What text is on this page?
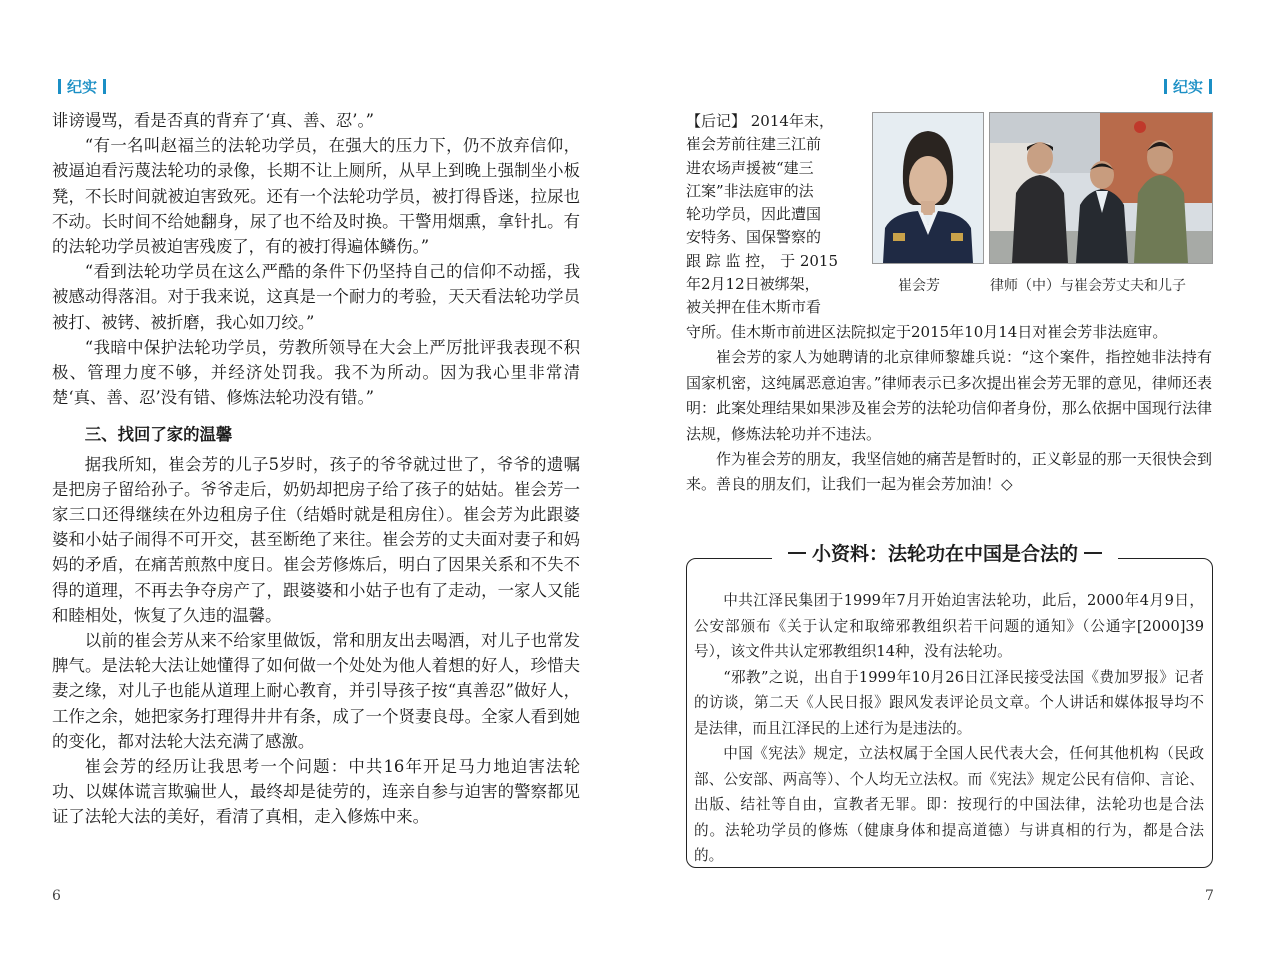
纪实	纪实

诽谤谩骂，看是否真的背弃了‘真、善、忍’。”

“有一名叫赵福兰的法轮功学员，在强大的压力下，仍不放弃信仰，被逼迫看污蔑法轮功的录像，长期不让上厕所，从早上到晚上强制坐小板凳，不长时间就被迫害致死。还有一个法轮功学员，被打得昏迷，拉尿也不动。长时间不给她翻身，尿了也不给及时换。干警用烟熏，拿针扎。有的法轮功学员被迫害残废了，有的被打得遍体鳞伤。”

“看到法轮功学员在这么严酷的条件下仍坚持自己的信仰不动摇，我被感动得落泪。对于我来说，这真是一个耐力的考验，天天看法轮功学员被打、被铐、被折磨，我心如刀绞。”

“我暗中保护法轮功学员，劳教所领导在大会上严厉批评我表现不积极、管理力度不够，并经济处罚我。我不为所动。因为我心里非常清楚‘真、善、忍’没有错、修炼法轮功没有错。”

三、找回了家的温馨

据我所知，崔会芳的儿子5岁时，孩子的爷爷就过世了，爷爷的遗嘱是把房子留给孙子。爷爷走后，奶奶却把房子给了孩子的姑姑。崔会芳一家三口还得继续在外边租房子住（结婚时就是租房住）。崔会芳为此跟婆婆和小姑子闹得不可开交，甚至断绝了来往。崔会芳的丈夫面对妻子和妈妈的矛盾，在痛苦煎熬中度日。崔会芳修炼后，明白了因果关系和不失不得的道理，不再去争夺房产了，跟婆婆和小姑子也有了走动，一家人又能和睦相处，恢复了久违的温馨。

以前的崔会芳从来不给家里做饭，常和朋友出去喝酒，对儿子也常发脾气。是法轮大法让她懂得了如何做一个处处为他人着想的好人，珍惜夫妻之缘，对儿子也能从道理上耐心教育，并引导孩子按“真善忍”做好人，工作之余，她把家务打理得井井有条，成了一个贤妻良母。全家人看到她的变化，都对法轮大法充满了感激。

崔会芳的经历让我思考一个问题：中共16年开足马力地迫害法轮功、以媒体谎言欺骗世人，最终却是徒劳的，连亲自参与迫害的警察都见证了法轮大法的美好，看清了真相，走入修炼中来。

6

【后记】 2014年末，

崔会芳前往建三江前

进农场声援被“建三

江案”非法庭审的法

轮功学员，因此遭国

安特务、国保警察的

跟 踪 监 控， 于 2015

年2月12日被绑架，

被关押在佳木斯市看

崔会芳	律师（中）与崔会芳丈夫和儿子

守所。佳木斯市前进区法院拟定于2015年10月14日对崔会芳非法庭审。

崔会芳的家人为她聘请的北京律师黎雄兵说：“这个案件，指控她非法持有国家机密，这纯属恶意迫害。”律师表示已多次提出崔会芳无罪的意见，律师还表明：此案处理结果如果涉及崔会芳的法轮功信仰者身份，那么依据中国现行法律法规，修炼法轮功并不违法。

作为崔会芳的朋友，我坚信她的痛苦是暂时的，正义彰显的那一天很快会到来。善良的朋友们，让我们一起为崔会芳加油！◇

小资料：法轮功在中国是合法的

中共江泽民集团于1999年7月开始迫害法轮功，此后，2000年4月9日，公安部颁布《关于认定和取缔邪教组织若干问题的通知》（公通字[2000]39号），该文件共认定邪教组织14种，没有法轮功。

“邪教”之说，出自于1999年10月26日江泽民接受法国《费加罗报》记者的访谈，第二天《人民日报》跟风发表评论员文章。个人讲话和媒体报导均不是法律，而且江泽民的上述行为是违法的。

中国《宪法》规定，立法权属于全国人民代表大会，任何其他机构（民政部、公安部、两高等）、个人均无立法权。而《宪法》规定公民有信仰、言论、出版、结社等自由，宣教者无罪。即：按现行的中国法律，法轮功也是合法的。法轮功学员的修炼（健康身体和提高道德）与讲真相的行为，都是合法的。

7
